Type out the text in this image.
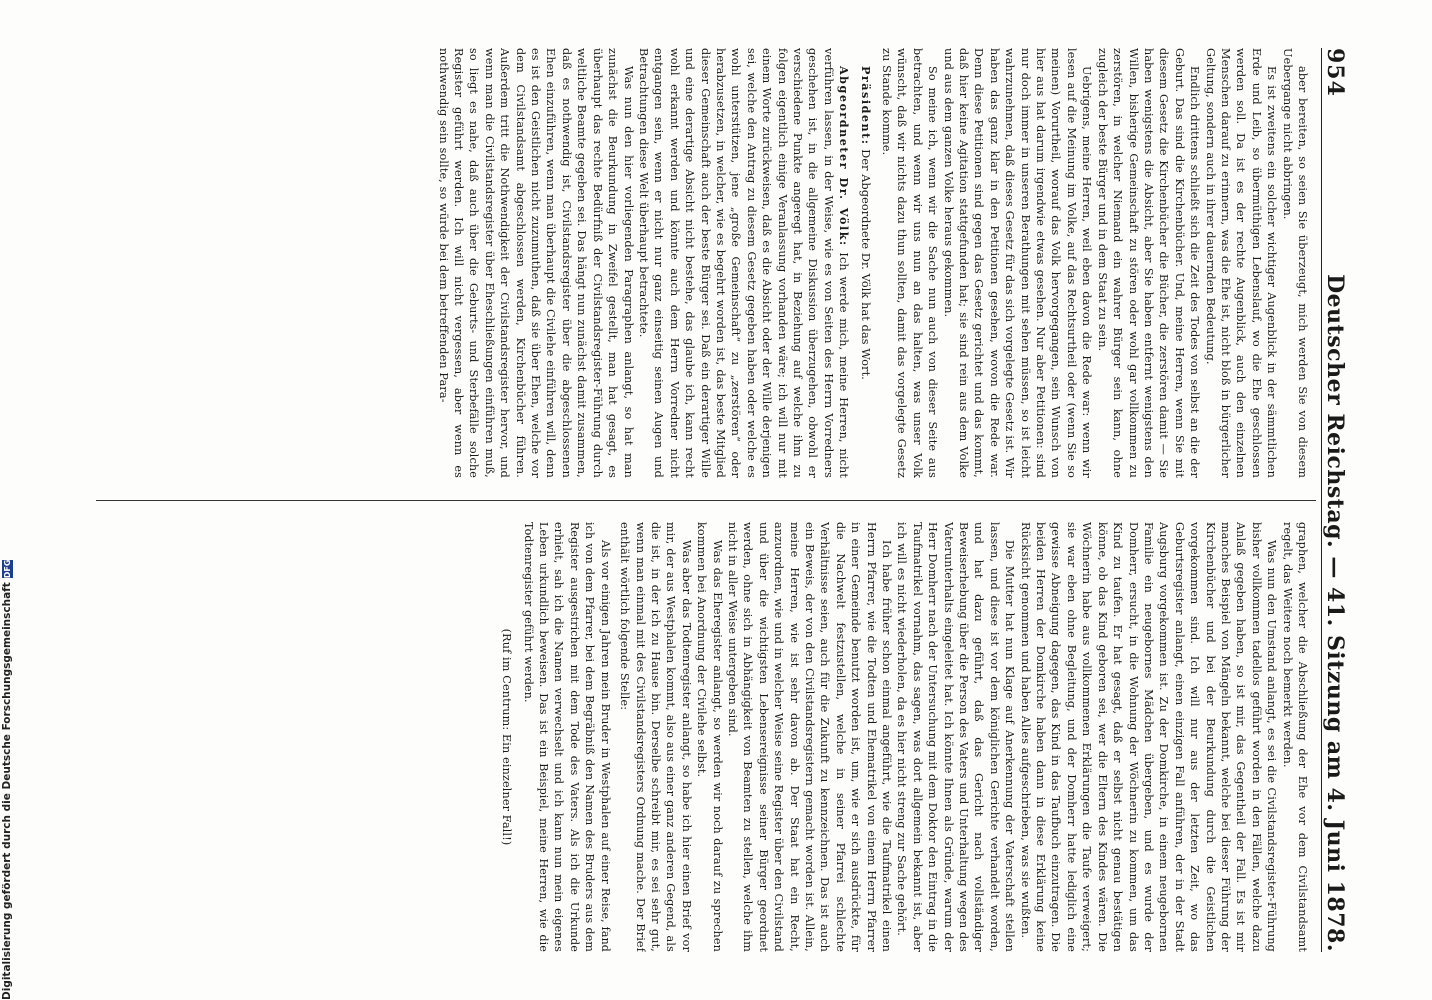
954
Deutscher Reichstag. — 41. Sitzung am 4. Juni 1878.

aber bereiten, so seien Sie überzeugt, mich werden Sie von diesem Uebergange nicht abbringen.

Es ist zweitens ein solcher wichtiger Augenblick in der sämmtlichen Erde und Leib, so übermüthigen Lebenslauf, wo die Ehe geschlossen werden soll. Da ist es der rechte Augenblick, auch den einzelnen Menschen darauf zu erinnern, was die Ehe ist, nicht bloß in bürgerlicher Geltung, sondern auch in ihrer dauernden Bedeutung.

Endlich drittens schließt sich die Zeit des Todes von selbst an die der Geburt. Das sind die Kirchenbücher. Und, meine Herren, wenn Sie mit diesem Gesetz die Kirchenbücher die Bücher, die zerstören damit — Sie haben wenigstens die Absicht, aber Sie haben entfernt wenigstens den Willen, bisherige Gemeinschaft zu stören oder wohl gar vollkommen zu zerstören, in welcher Niemand ein wahrer Bürger sein kann, ohne zugleich der beste Bürger und in dem Staat zu sein.

Uebrigens, meine Herren, weil eben davon die Rede war: wenn wir lesen auf die Meinung im Volke, auf das Rechtsurtheil oder (wenn Sie so meinen) Vorurtheil, worauf das Volk hervorgegangen, sein Wunsch von hier aus hat darum irgendwie etwas gesehen. Nur aber Petitionen: sind nur doch immer in unseren Berathungen mit sehen müssen, so ist leicht wahrzunehmen, daß dieses Gesetz für das sich vorgelegte Gesetz ist. Wir haben das ganz klar in den Petitionen gesehen, wovon die Rede war. Denn diese Petitionen sind gegen das Gesetz gerichtet und das kommt, daß hier keine Agitation stattgefunden hat; sie sind rein aus dem Volke und aus dem ganzen Volke heraus gekommen.

So meine ich, wenn wir die Sache nun auch von dieser Seite aus betrachten, und wenn wir uns nun an das halten, was unser Volk wünscht, daß wir nichts dazu thun sollten, damit das vorgelegte Gesetz zu Stande komme.

Präsident: Der Abgeordnete Dr. Völk hat das Wort.

Abgeordneter Dr. Völk: Ich werde mich, meine Herren, nicht verführen lassen, in der Weise, wie es von Seiten des Herrn Vorredners geschehen ist, in die allgemeine Diskussion überzugehen, obwohl er verschiedene Punkte angeregt hat, in Beziehung auf welche ihm zu folgen eigentlich einige Veranlassung vorhanden wäre; ich will nur mit einem Worte zurückweisen, daß es die Absicht oder der Wille derjenigen sei, welche den Antrag zu diesem Gesetz gegeben haben oder welche es wohl unterstützen, jene „große Gemeinschaft“ zu „zerstören“ oder herabzusetzen, in welcher, wie es begehrt worden ist, das beste Mitglied dieser Gemeinschaft auch der beste Bürger sei. Daß ein derartiger Wille und eine derartige Absicht nicht bestehe, das glaube ich, kann recht wohl erkannt werden und könnte auch dem Herrn Vorredner nicht entgangen sein, wenn er nicht nur ganz einseitig seinen Augen und Betrachtungen diese Welt überhaupt betrachtete.

Was nun den hier vorliegenden Paragraphen anlangt, so hat man zunächst die Beurkundung in Zweifel gestellt, man hat gesagt, es überhaupt das rechte Bedürfniß der Civilstandsregister-Führung durch weltliche Beamte gegeben sei. Das hängt nun zunächst damit zusammen, daß es nothwendig ist, Civilstandsregister über die abgeschlossenen Ehen einzuführen, wenn man überhaupt die Civilehe einführen will, denn es ist den Geistlichen nicht zuzumuthen, daß sie über Ehen, welche vor dem Civilstandsamt abgeschlossen werden, Kirchenbücher führen. Außerdem tritt die Nothwendigkeit der Civilstandsregister hervor, und wenn man die Civilstandsregister über Eheschließungen einführen muß, so liegt es nahe, daß auch über die Geburts- und Sterbefälle solche Register geführt werden. Ich will nicht vergessen, aber wenn es nothwendig sein sollte, so würde bei dem betreffenden Para-

graphen, welcher die Abschließung der Ehe vor dem Civilstandsamt regelt, das Weitere noch bemerkt werden.

Was nun den Umstand anlangt, es sei die Civilstandsregister-Führung bisher vollkommen tadellos geführt worden in den Fällen, welche dazu Anlaß gegeben haben, so ist mir, das Gegentheil der Fall. Es ist mir manches Beispiel von Mängeln bekannt, welche bei dieser Führung der Kirchenbücher und bei der Beurkundung durch die Geistlichen vorgekommen sind. Ich will nur aus der letzten Zeit, wo das Geburtsregister anlangt, einen einzigen Fall anführen, der in der Stadt Augsburg vorgekommen ist. Zu der Domkirche, in einem neugebornen Familie ein neugebornes Mädchen übergeben, und es wurde der Domherr, ersucht, in die Wohnung der Wöchnerin zu kommen, um das Kind zu taufen. Er hat gesagt, daß er selbst nicht genau bestätigen könne, ob das Kind geboren sei, wer die Eltern des Kindes wären. Die Wöchnerin habe aus vollkommenen Erklärungen die Taufe verweigert; sie war eben ohne Begleitung, und der Domherr hatte lediglich eine gewisse Abneigung dagegen, das Kind in das Taufbuch einzutragen. Die beiden Herren der Domkirche haben dann in diese Erklärung keine Rücksicht genommen und haben Alles aufgeschrieben, was sie wußten.

Die Mutter hat nun Klage auf Anerkennung der Vaterschaft stellen lassen, und diese ist vor dem königlichen Gerichte verhandelt worden, und hat dazu geführt, daß das Gericht nach vollständiger Beweiserhebung über die Person des Vaters und Unterhaltung wegen des Vaterunterhalts eingeleitet hat. Ich könnte Ihnen als Gründe, warum der Herr Domherr nach der Untersuchung mit dem Doktor den Eintrag in die Taufmatrikel vornahm, das sagen, was dort allgemein bekannt ist, aber ich will es nicht wiederholen, da es hier nicht streng zur Sache gehört.

Ich habe früher schon einmal angeführt, wie die Taufmatrikel einen Herrn Pfarrer, wie die Todten und Ehematrikel von einem Herrn Pfarrer in einer Gemeinde benutzt worden ist, um, wie er sich ausdrückte, für die Nachwelt festzustellen, welche in seiner Pfarrei schlechte Verhältnisse seien, auch für die Zukunft zu kennzeichnen. Das ist auch ein Beweis, der von den Civilstandsregistern gemacht worden ist. Allein, meine Herren, wie ist sehr davon ab. Der Staat hat ein Recht, anzuordnen, wie und in welcher Weise seine Register über den Civilstand und über die wichtigsten Lebensereignisse seiner Bürger geordnet werden, ohne sich in Abhängigkeit von Beamten zu stellen, welche ihm nicht in aller Weise untergeben sind.

Was das Eheregister anlangt, so werden wir noch darauf zu sprechen kommen bei Anordnung der Civilehe selbst.

Was aber das Todtenregister anlangt, so habe ich hier einen Brief vor mir, der aus Westphalen kommt, also aus einer ganz anderen Gegend, als die ist, in der ich zu Hause bin. Derselbe schreibt mir, es sei sehr gut, wenn man einmal mit des Civilstandsregisters Ordnung mache. Der Brief enthält wörtlich folgende Stelle:

Als vor einigen Jahren mein Bruder in Westphalen auf einer Reise, fand ich von dem Pfarrer, bei dem Begräbniß den Namen des Bruders aus dem Register ausgestrichen mit dem Tode des Vaters. Als ich die Urkunde erhielt, sah ich die Namen verwechselt und ich kann nun mein eigenes Leben urkundlich beweisen. Das ist ein Beispiel, meine Herren, wie die Todtenregister geführt werden.

(Ruf im Centrum: Ein einzelner Fall!)

Digitalisierung gefördert durch die Deutsche Forschungsgemeinschaft
DFG
